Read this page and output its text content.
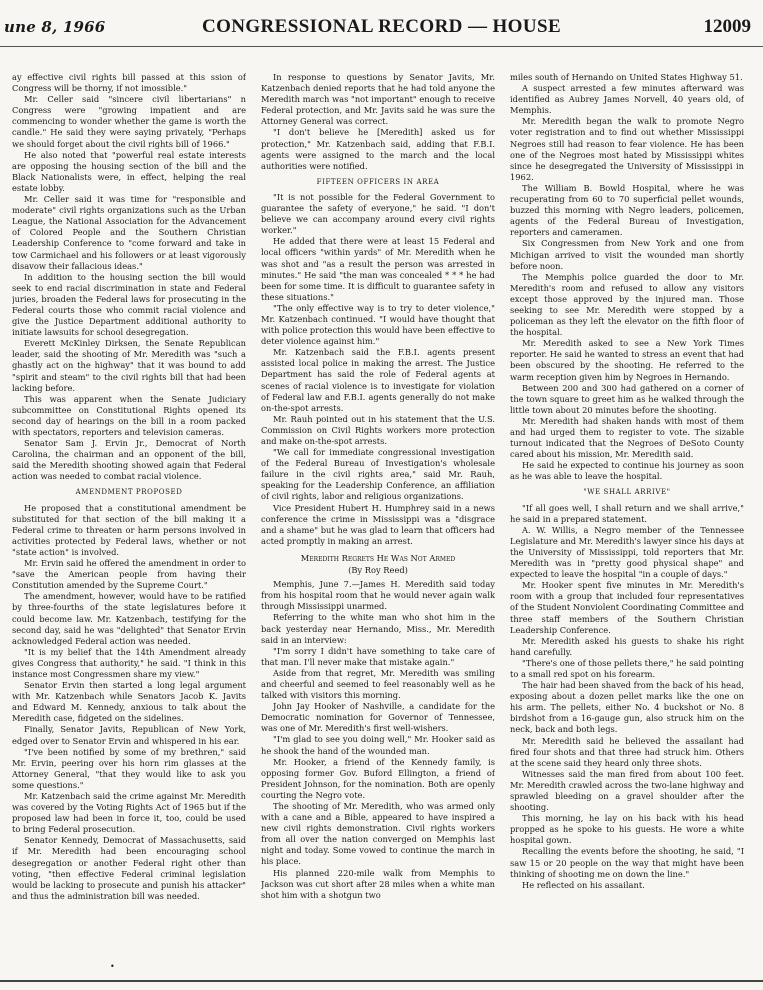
une 8, 1966	CONGRESSIONAL RECORD — HOUSE	12009

ay effective civil rights bill passed at this ssion of Congress will be thorny, if not imossible."

Mr. Celler said "sincere civil libertarians" n Congress were "growing impatient and are commencing to wonder whether the game is worth the candle." He said they were saying privately, "Perhaps we should forget about the civil rights bill of 1966."

He also noted that "powerful real estate interests are opposing the housing section of the bill and the Black Nationalists were, in effect, helping the real estate lobby.

Mr. Celler said it was time for "responsible and moderate" civil rights organizations such as the Urban League, the National Association for the Advancement of Colored People and the Southern Christian Leadership Conference to "come forward and take in tow Carmichael and his followers or at least vigorously disavow their fallacious ideas."

In addition to the housing section the bill would seek to end racial discrimination in state and Federal juries, broaden the Federal laws for prosecuting in the Federal courts those who commit racial violence and give the Justice Department additional authority to initiate lawsuits for school desegregation.

Everett McKinley Dirksen, the Senate Republican leader, said the shooting of Mr. Meredith was "such a ghastly act on the highway" that it was bound to add "spirit and steam" to the civil rights bill that had been lacking before.

This was apparent when the Senate Judiciary subcommittee on Constitutional Rights opened its second day of hearings on the bill in a room packed with spectators, reporters and television cameras.

Senator Sam J. Ervin Jr., Democrat of North Carolina, the chairman and an opponent of the bill, said the Meredith shooting showed again that Federal action was needed to combat racial violence.

AMENDMENT PROPOSED

He proposed that a constitutional amendment be substituted for that section of the bill making it a Federal crime to threaten or harm persons involved in activities protected by Federal laws, whether or not "state action" is involved.

Mr. Ervin said he offered the amendment in order to "save the American people from having their Constitution amended by the Supreme Court."

The amendment, however, would have to be ratified by three-fourths of the state legislatures before it could become law. Mr. Katzenbach, testifying for the second day, said he was "delighted" that Senator Ervin acknowledged Federal action was needed.

"It is my belief that the 14th Amendment already gives Congress that authority," he said. "I think in this instance most Congressmen share my view."

Senator Ervin then started a long legal argument with Mr. Katzenbach while Senators Jacob K. Javits and Edward M. Kennedy, anxious to talk about the Meredith case, fidgeted on the sidelines.

Finally, Senator Javits, Republican of New York, edged over to Senator Ervin and whispered in his ear.

"I've been notified by some of my brethren," said Mr. Ervin, peering over his horn rim glasses at the Attorney General, "that they would like to ask you some questions."

Mr. Katzenbach said the crime against Mr. Meredith was covered by the Voting Rights Act of 1965 but if the proposed law had been in force it, too, could be used to bring Federal prosecution.

Senator Kennedy, Democrat of Massachusetts, said if Mr. Meredith had been encouraging school desegregation or another Federal right other than voting, "then effective Federal criminal legislation would be lacking to prosecute and punish his attacker" and thus the administration bill was needed.

In response to questions by Senator Javits, Mr. Katzenbach denied reports that he had told anyone the Meredith march was "not important" enough to receive Federal protection, and Mr. Javits said he was sure the Attorney General was correct.

"I don't believe he [Meredith] asked us for protection," Mr. Katzenbach said, adding that F.B.I. agents were assigned to the march and the local authorities were notified.

FIFTEEN OFFICERS IN AREA

"It is not possible for the Federal Government to guarantee the safety of everyone," he said. "I don't believe we can accompany around every civil rights worker."

He added that there were at least 15 Federal and local officers "within yards" of Mr. Meredith when he was shot and "as a result the person was arrested in minutes." He said "the man was concealed * * * he had been for some time. It is difficult to guarantee safety in these situations."

"The only effective way is to try to deter violence," Mr. Katzenbach continued. "I would have thought that with police protection this would have been effective to deter violence against him."

Mr. Katzenbach said the F.B.I. agents present assisted local police in making the arrest. The Justice Department has said the role of Federal agents at scenes of racial violence is to investigate for violation of Federal law and F.B.I. agents generally do not make on-the-spot arrests.

Mr. Rauh pointed out in his statement that the U.S. Commission on Civil Rights workers more protection and make on-the-spot arrests.

"We call for immediate congressional investigation of the Federal Bureau of Investigation's wholesale failure in the civil rights area," said Mr. Rauh, speaking for the Leadership Conference, an affiliation of civil rights, labor and religious organizations.

Vice President Hubert H. Humphrey said in a news conference the crime in Mississippi was a "disgrace and a shame" but he was glad to learn that officers had acted promptly in making an arrest.

Meredith Regrets He Was Not Armed
(By Roy Reed)

Memphis, June 7.—James H. Meredith said today from his hospital room that he would never again walk through Mississippi unarmed.

Referring to the white man who shot him in the back yesterday near Hernando, Miss., Mr. Meredith said in an interview:

"I'm sorry I didn't have something to take care of that man. I'll never make that mistake again."

Aside from that regret, Mr. Meredith was smiling and cheerful and seemed to feel reasonably well as he talked with visitors this morning.

John Jay Hooker of Nashville, a candidate for the Democratic nomination for Governor of Tennessee, was one of Mr. Meredith's first well-wishers.

"I'm glad to see you doing well," Mr. Hooker said as he shook the hand of the wounded man.

Mr. Hooker, a friend of the Kennedy family, is opposing former Gov. Buford Ellington, a friend of President Johnson, for the nomination. Both are openly courting the Negro vote.

The shooting of Mr. Meredith, who was armed only with a cane and a Bible, appeared to have inspired a new civil rights demonstration. Civil rights workers from all over the nation converged on Memphis last night and today. Some vowed to continue the march in his place.

His planned 220-mile walk from Memphis to Jackson was cut short after 28 miles when a white man shot him with a shotgun two

miles south of Hernando on United States Highway 51.

A suspect arrested a few minutes afterward was identified as Aubrey James Norvell, 40 years old, of Memphis.

Mr. Meredith began the walk to promote Negro voter registration and to find out whether Mississippi Negroes still had reason to fear violence. He has been one of the Negroes most hated by Mississippi whites since he desegregated the University of Mississippi in 1962.

The William B. Bowld Hospital, where he was recuperating from 60 to 70 superficial pellet wounds, buzzed this morning with Negro leaders, policemen, agents of the Federal Bureau of Investigation, reporters and cameramen.

Six Congressmen from New York and one from Michigan arrived to visit the wounded man shortly before noon.

The Memphis police guarded the door to Mr. Meredith's room and refused to allow any visitors except those approved by the injured man. Those seeking to see Mr. Meredith were stopped by a policeman as they left the elevator on the fifth floor of the hospital.

Mr. Meredith asked to see a New York Times reporter. He said he wanted to stress an event that had been obscured by the shooting. He referred to the warm reception given him by Negroes in Hernando.

Between 200 and 300 had gathered on a corner of the town square to greet him as he walked through the little town about 20 minutes before the shooting.

Mr. Meredith had shaken hands with most of them and had urged them to register to vote. The sizable turnout indicated that the Negroes of DeSoto County cared about his mission, Mr. Meredith said.

He said he expected to continue his journey as soon as he was able to leave the hospital.

"WE SHALL ARRIVE"

"If all goes well, I shall return and we shall arrive," he said in a prepared statement.

A. W. Willis, a Negro member of the Tennessee Legislature and Mr. Meredith's lawyer since his days at the University of Mississippi, told reporters that Mr. Meredith was in "pretty good physical shape" and expected to leave the hospital "in a couple of days."

Mr. Hooker spent five minutes in Mr. Meredith's room with a group that included four representatives of the Student Nonviolent Coordinating Committee and three staff members of the Southern Christian Leadership Conference.

Mr. Meredith asked his guests to shake his right hand carefully.

"There's one of those pellets there," he said pointing to a small red spot on his forearm.

The hair had been shaved from the back of his head, exposing about a dozen pellet marks like the one on his arm. The pellets, either No. 4 buckshot or No. 8 birdshot from a 16-gauge gun, also struck him on the neck, back and both legs.

Mr. Meredith said he believed the assailant had fired four shots and that three had struck him. Others at the scene said they heard only three shots.

Witnesses said the man fired from about 100 feet. Mr. Meredith crawled across the two-lane highway and sprawled bleeding on a gravel shoulder after the shooting.

This morning, he lay on his back with his head propped as he spoke to his guests. He wore a white hospital gown.

Recalling the events before the shooting, he said, "I saw 15 or 20 people on the way that might have been thinking of shooting me on down the line."

He reflected on his assailant.

•
